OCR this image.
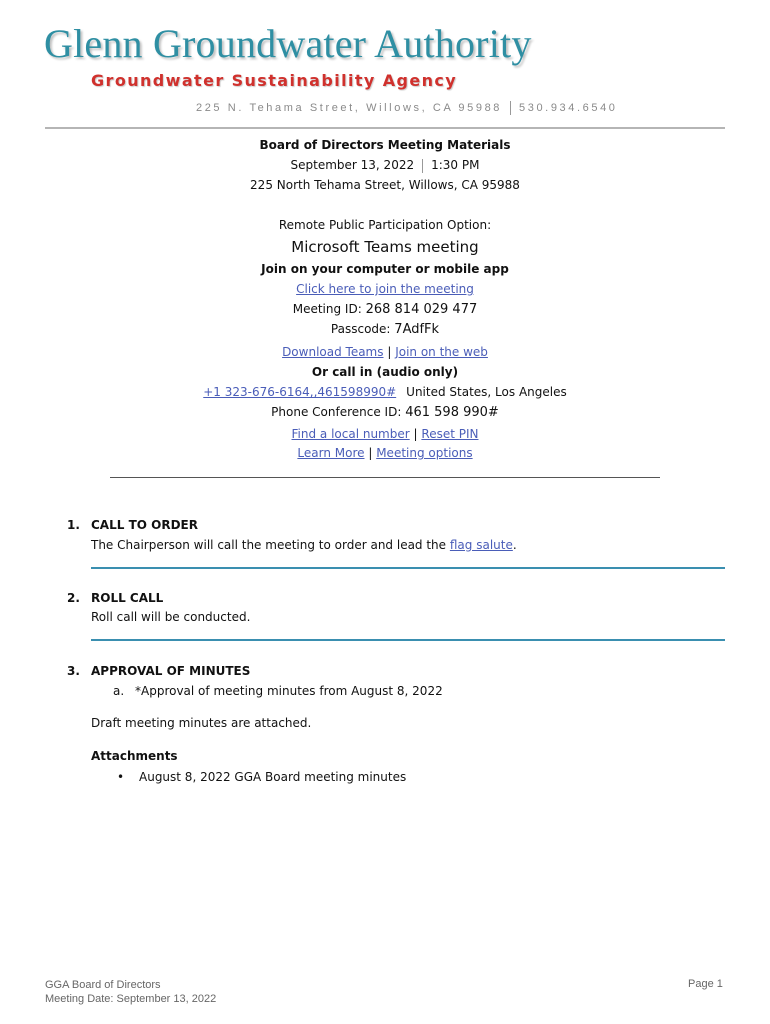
Glenn Groundwater Authority
Groundwater Sustainability Agency
225 N. Tehama Street, Willows, CA 95988 530.934.6540
Board of Directors Meeting Materials
September 13, 2022 1:30 PM
225 North Tehama Street, Willows, CA 95988
Remote Public Participation Option:
Microsoft Teams meeting
Join on your computer or mobile app
Click here to join the meeting
Meeting ID: 268 814 029 477
Passcode: 7AdfFk
Download Teams | Join on the web
Or call in (audio only)
+1 323-676-6164,,461598990# United States, Los Angeles
Phone Conference ID: 461 598 990#
Find a local number | Reset PIN
Learn More | Meeting options
1. CALL TO ORDER
The Chairperson will call the meeting to order and lead the flag salute.
2. ROLL CALL
Roll call will be conducted.
3. APPROVAL OF MINUTES
a. *Approval of meeting minutes from August 8, 2022
Draft meeting minutes are attached.
Attachments
• August 8, 2022 GGA Board meeting minutes
GGA Board of Directors
Meeting Date: September 13, 2022
Page 1
